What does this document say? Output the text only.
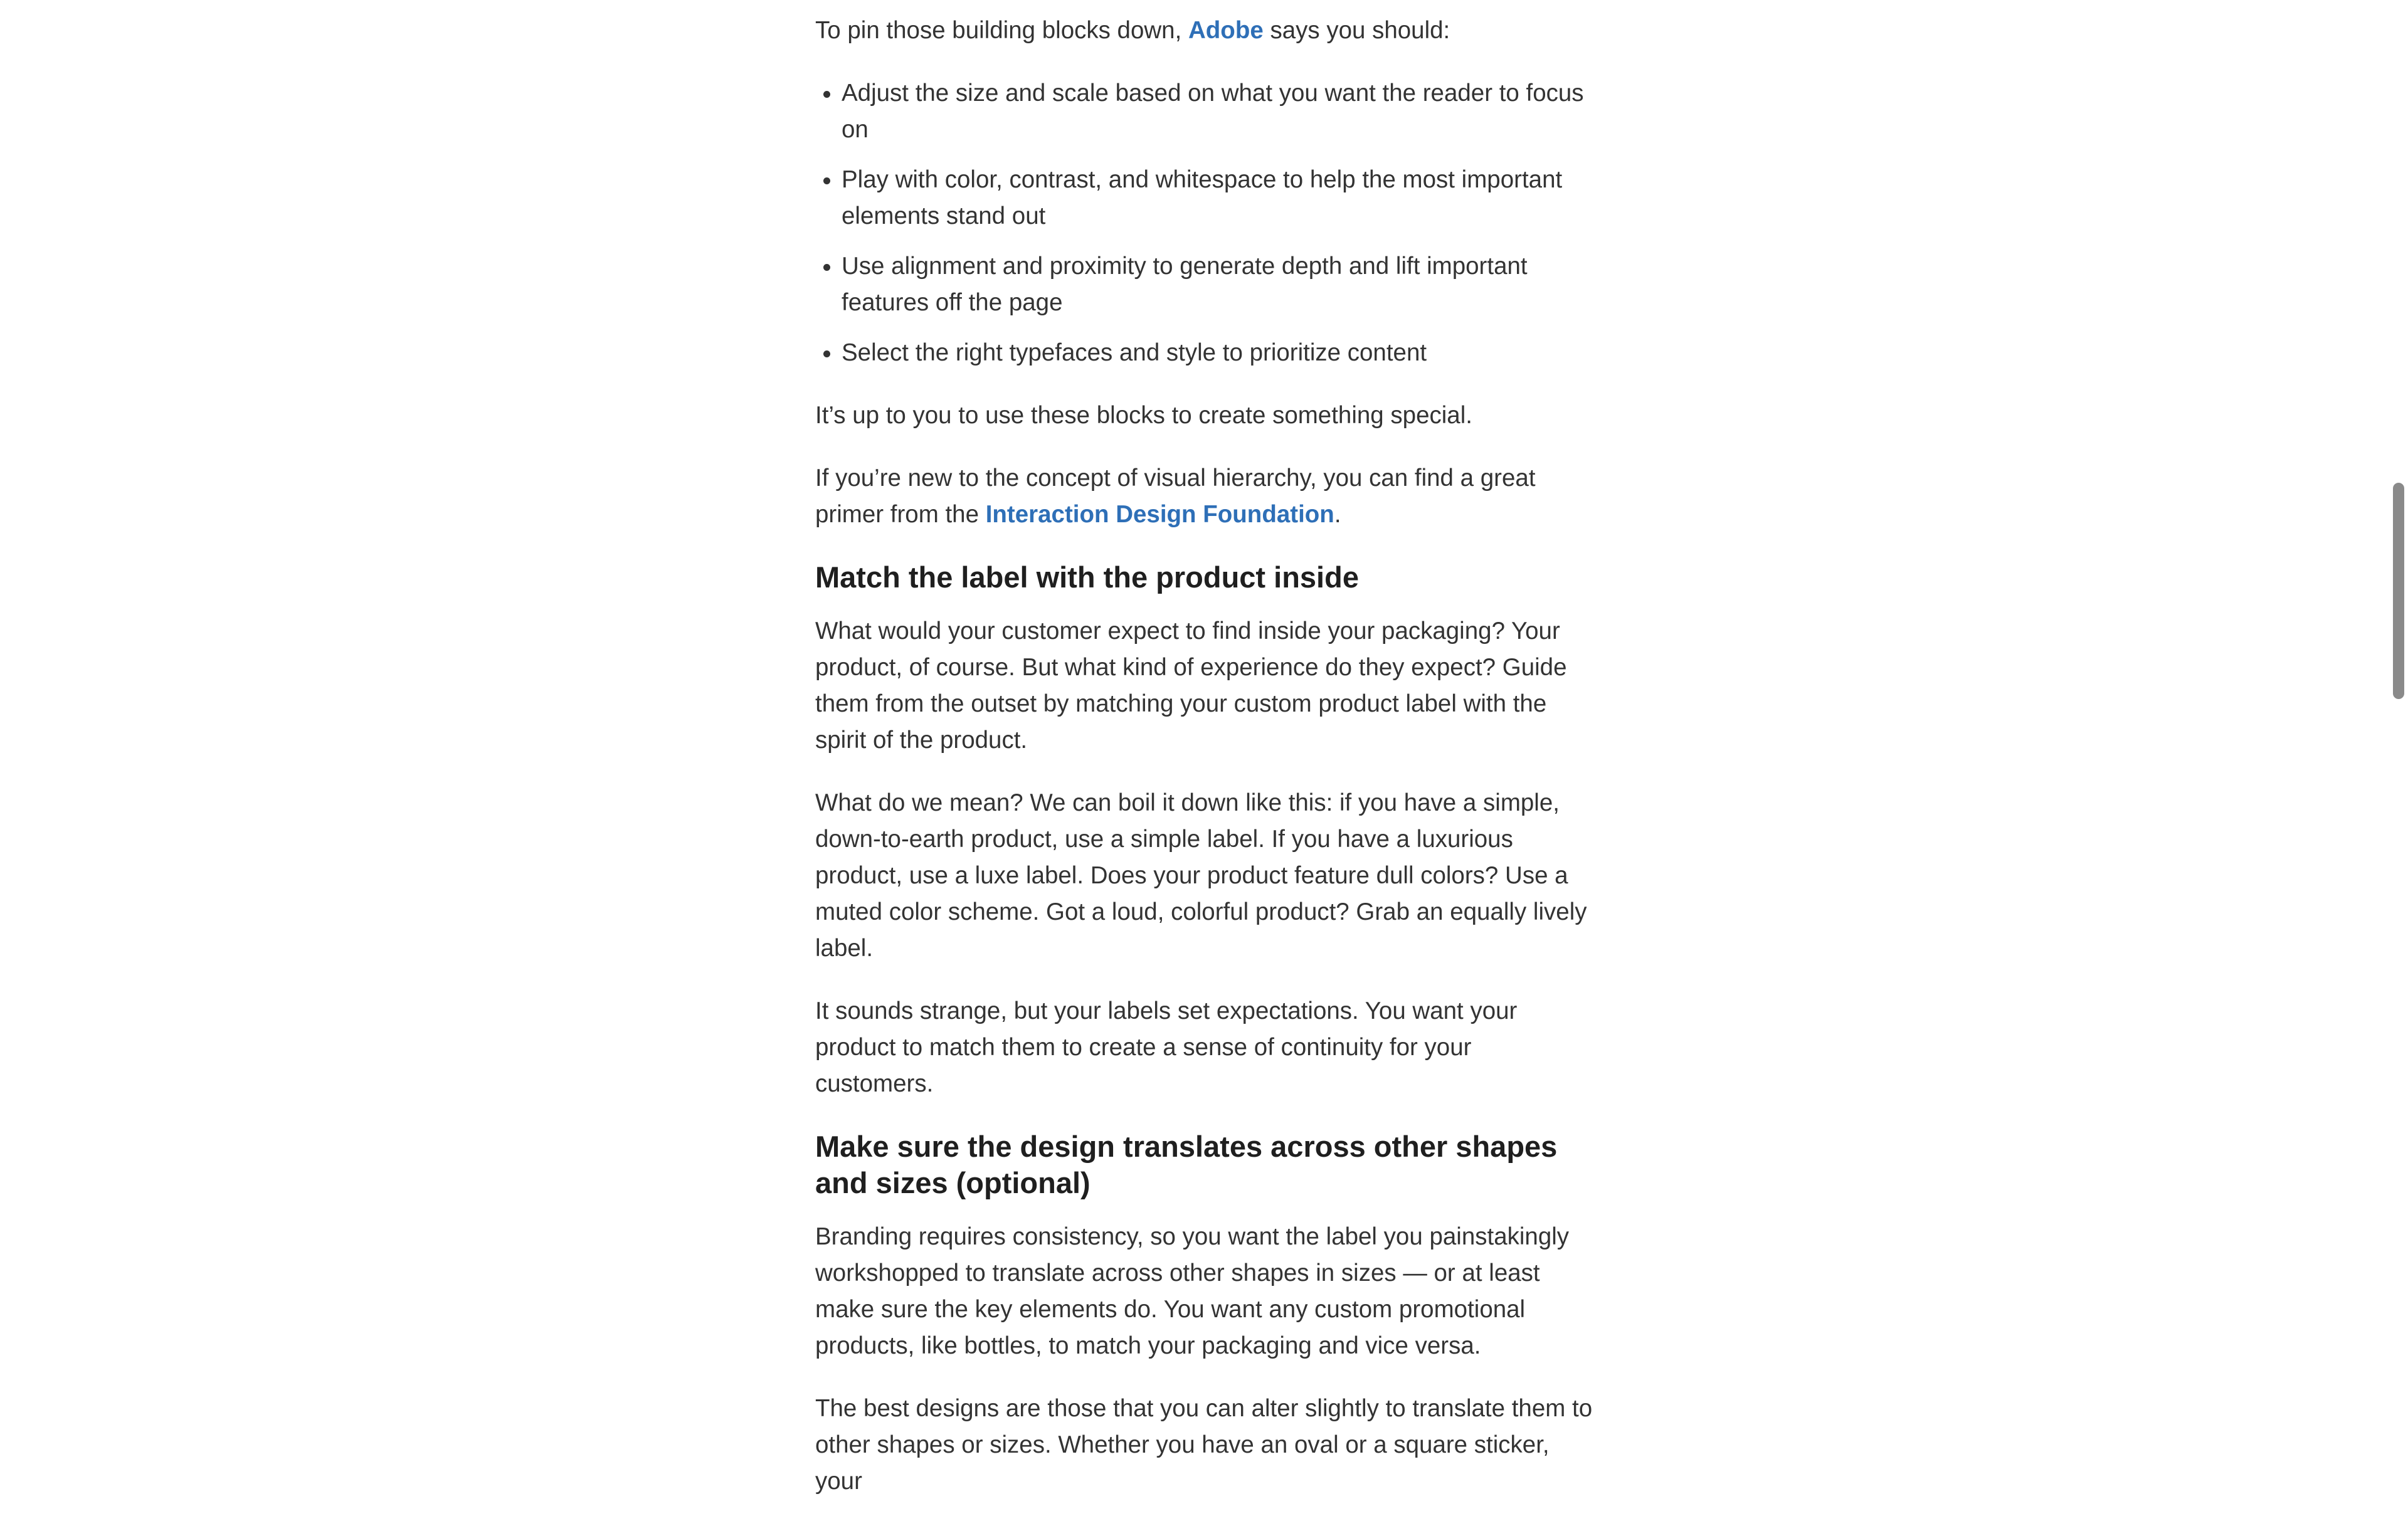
To pin those building blocks down, Adobe says you should:

• Adjust the size and scale based on what you want the reader to focus on
• Play with color, contrast, and whitespace to help the most important elements stand out
• Use alignment and proximity to generate depth and lift important features off the page
• Select the right typefaces and style to prioritize content

It’s up to you to use these blocks to create something special.

If you’re new to the concept of visual hierarchy, you can find a great primer from the Interaction Design Foundation.

Match the label with the product inside

What would your customer expect to find inside your packaging? Your product, of course. But what kind of experience do they expect? Guide them from the outset by matching your custom product label with the spirit of the product.

What do we mean? We can boil it down like this: if you have a simple, down-to-earth product, use a simple label. If you have a luxurious product, use a luxe label. Does your product feature dull colors? Use a muted color scheme. Got a loud, colorful product? Grab an equally lively label.

It sounds strange, but your labels set expectations. You want your product to match them to create a sense of continuity for your customers.

Make sure the design translates across other shapes and sizes (optional)

Branding requires consistency, so you want the label you painstakingly workshopped to translate across other shapes in sizes — or at least make sure the key elements do. You want any custom promotional products, like bottles, to match your packaging and vice versa.

The best designs are those that you can alter slightly to translate them to other shapes or sizes. Whether you have an oval or a square sticker, your
